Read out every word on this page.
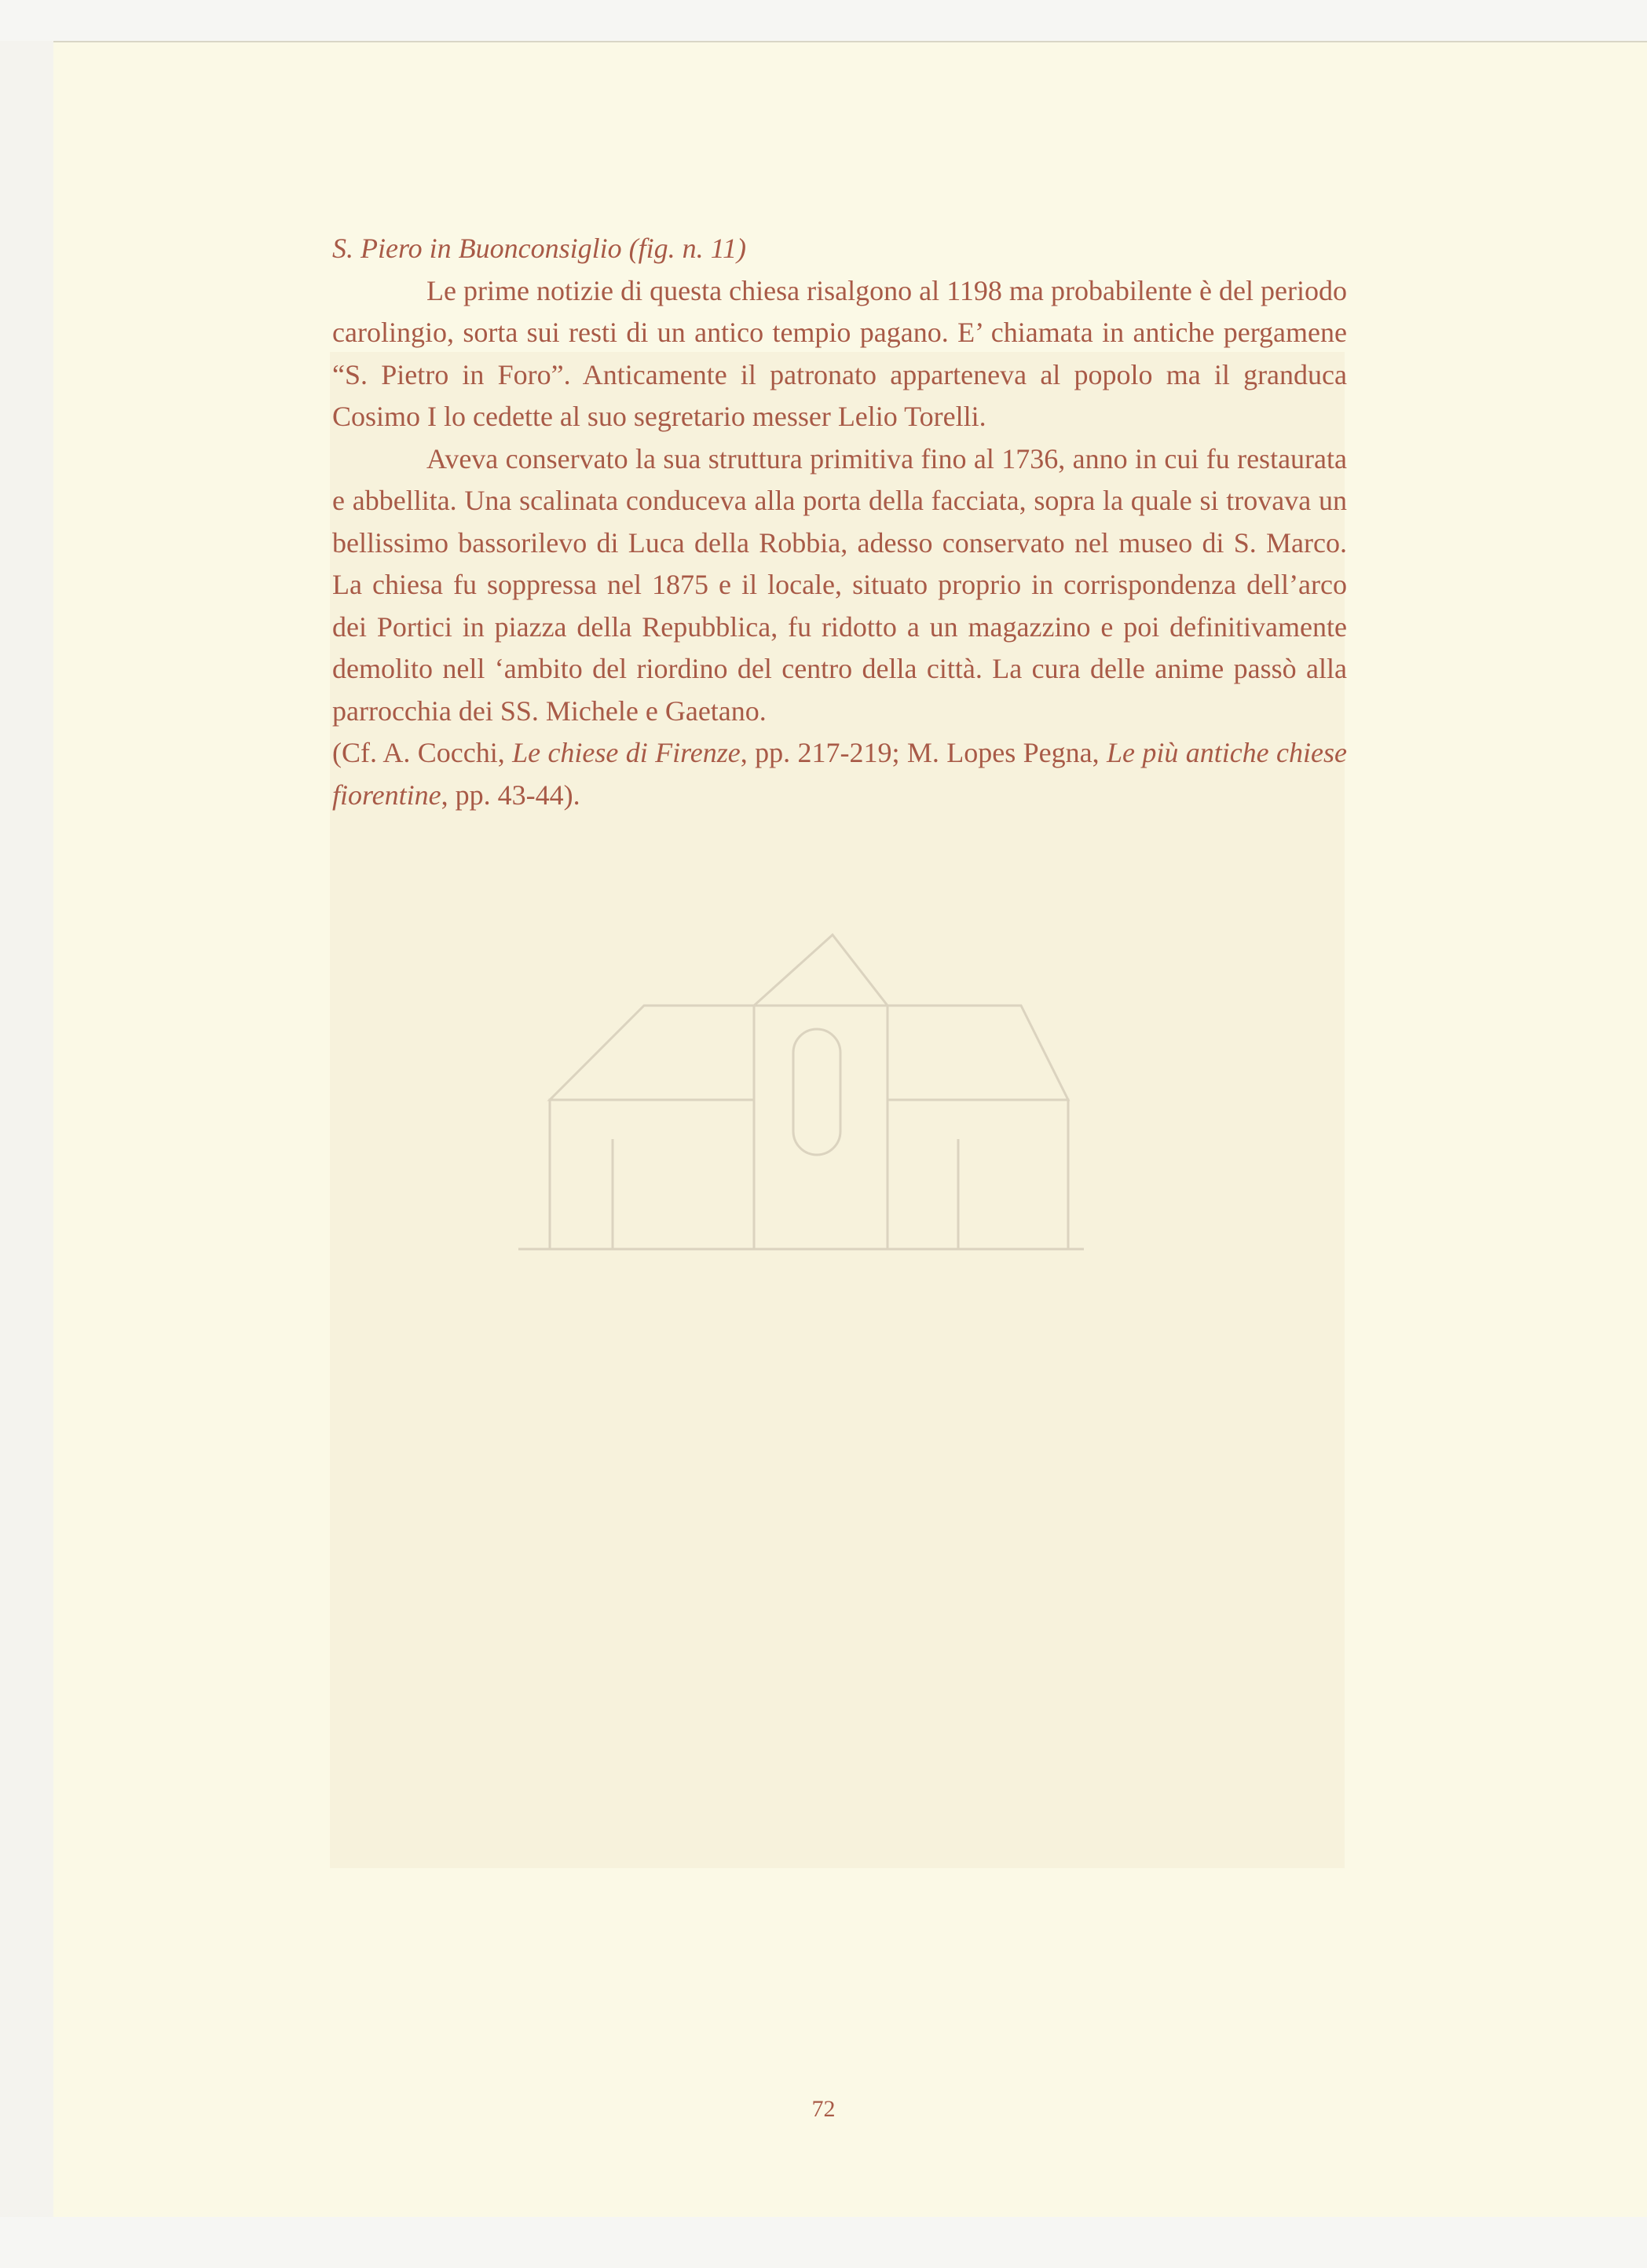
S. Piero in Buonconsiglio (fig. n. 11)

Le prime notizie di questa chiesa risalgono al 1198 ma probabilente è del periodo carolingio, sorta sui resti di un antico tempio pagano. E’ chiamata in antiche pergamene “S. Pietro in Foro”. Anticamente il patronato apparteneva al popolo ma il granduca Cosimo I lo cedette al suo segretario messer Lelio Torelli.

Aveva conservato la sua struttura primitiva fino al 1736, anno in cui fu restaurata e abbellita. Una scalinata conduceva alla porta della facciata, sopra la quale si trovava un bellissimo bassorilevo di Luca della Robbia, adesso conservato nel museo di S. Marco. La chiesa fu soppressa nel 1875 e il locale, situato proprio in corrispondenza dell’arco dei Portici in piazza della Repubblica, fu ridotto a un magazzino e poi definitivamente demolito nell ‘ambito del riordino del centro della città. La cura delle anime passò alla parrocchia dei SS. Michele e Gaetano.

(Cf. A. Cocchi, Le chiese di Firenze, pp. 217-219; M. Lopes Pegna, Le più antiche chiese fiorentine, pp. 43-44).

72
